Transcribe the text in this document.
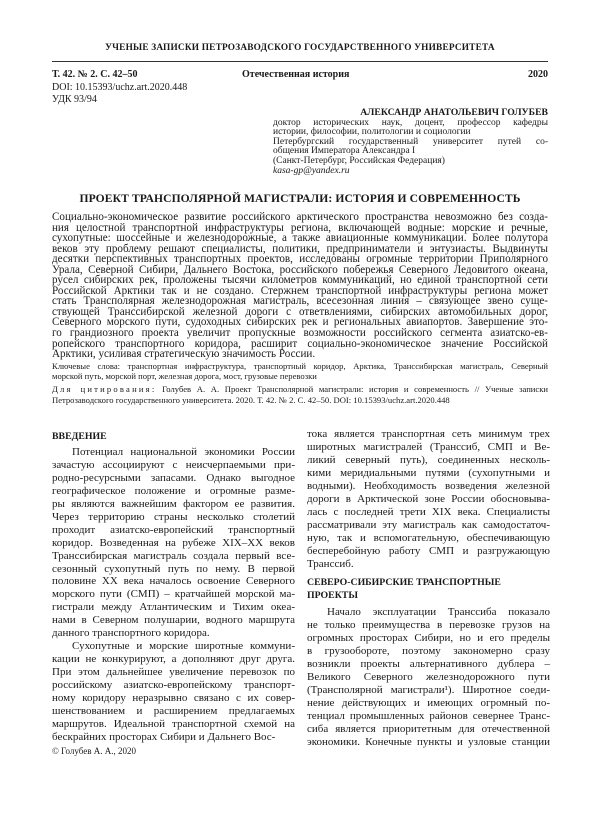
УЧЕНЫЕ ЗАПИСКИ ПЕТРОЗАВОДСКОГО ГОСУДАРСТВЕННОГО УНИВЕРСИТЕТА
Т. 42. № 2. С. 42–50	Отечественная история	2020
DOI: 10.15393/uchz.art.2020.448
УДК 93/94
АЛЕКСАНДР АНАТОЛЬЕВИЧ ГОЛУБЕВ
доктор исторических наук, доцент, профессор кафедры
истории, философии, политологии и социологии
Петербургский государственный университет путей со-
общения Императора Александра I
(Санкт-Петербург, Российская Федерация)
kasa-gp@yandex.ru
ПРОЕКТ ТРАНСПОЛЯРНОЙ МАГИСТРАЛИ: ИСТОРИЯ И СОВРЕМЕННОСТЬ
Социально-экономическое развитие российского арктического пространства невозможно без созда-
ния целостной транспортной инфраструктуры региона, включающей водные: морские и речные,
сухопутные: шоссейные и железнодорожные, а также авиационные коммуникации. Более полутора
веков эту проблему решают специалисты, политики, предприниматели и энтузиасты. Выдвинуты
десятки перспективных транспортных проектов, исследованы огромные территории Приполярного
Урала, Северной Сибири, Дальнего Востока, российского побережья Северного Ледовитого океана,
русел сибирских рек, проложены тысячи километров коммуникаций, но единой транспортной сети
Российской Арктики так и не создано. Стержнем транспортной инфраструктуры региона может
стать Трансполярная железнодорожная магистраль, всесезонная линия – связующее звено суще-
ствующей Транссибирской железной дороги с ответвлениями, сибирских автомобильных дорог,
Северного морского пути, судоходных сибирских рек и региональных авиапортов. Завершение это-
го грандиозного проекта увеличит пропускные возможности российского сегмента азиатско-ев-
ропейского транспортного коридора, расширит социально-экономическое значение Российской
Арктики, усиливая стратегическую значимость России.
Ключевые слова: транспортная инфраструктура, транспортный коридор, Арктика, Транссибирская магистраль, Северный
морской путь, морской порт, железная дорога, мост, грузовые перевозки
Для цитирования: Голубев А. А. Проект Трансполярной магистрали: история и современность // Ученые записки
Петрозаводского государственного университета. 2020. Т. 42. № 2. С. 42–50. DOI: 10.15393/uchz.art.2020.448
ВВЕДЕНИЕ
Потенциал национальной экономики России
зачастую ассоциируют с неисчерпаемыми при-
родно-ресурсными запасами. Однако выгодное
географическое положение и огромные разме-
ры являются важнейшим фактором ее развития.
Через территорию страны несколько столетий
проходит азиатско-европейский транспортный
коридор. Возведенная на рубеже XIX–XX веков
Транссибирская магистраль создала первый все-
сезонный сухопутный путь по нему. В первой
половине XX века началось освоение Северного
морского пути (СМП) – кратчайшей морской ма-
гистрали между Атлантическим и Тихим океа-
нами в Северном полушарии, водного маршрута
данного транспортного коридора.
Сухопутные и морские широтные коммуни-
кации не конкурируют, а дополняют друг друга.
При этом дальнейшее увеличение перевозок по
российскому азиатско-европейскому транспорт-
ному коридору неразрывно связано с их совер-
шенствованием и расширением предлагаемых
маршрутов. Идеальной транспортной схемой на
бескрайних просторах Сибири и Дальнего Вос-
тока является транспортная сеть минимум трех
широтных магистралей (Транссиб, СМП и Ве-
ликий северный путь), соединенных несколь-
кими меридиальными путями (сухопутными и
водными). Необходимость возведения железной
дороги в Арктической зоне России обосновыва-
лась с последней трети XIX века. Специалисты
рассматривали эту магистраль как самодостаточ-
ную, так и вспомогательную, обеспечивающую
бесперебойную работу СМП и разгружающую
Транссиб.
СЕВЕРО-СИБИРСКИЕ ТРАНСПОРТНЫЕ ПРОЕКТЫ
Начало эксплуатации Транссиба показало
не только преимущества в перевозке грузов на
огромных просторах Сибири, но и его пределы
в грузообороте, поэтому закономерно сразу
возникли проекты альтернативного дублера –
Великого Северного железнодорожного пути
(Трансполярной магистрали¹). Широтное соеди-
нение действующих и имеющих огромный по-
тенциал промышленных районов севернее Транс-
сиба является приоритетным для отечественной
экономики. Конечные пункты и узловые станции
© Голубев А. А., 2020
